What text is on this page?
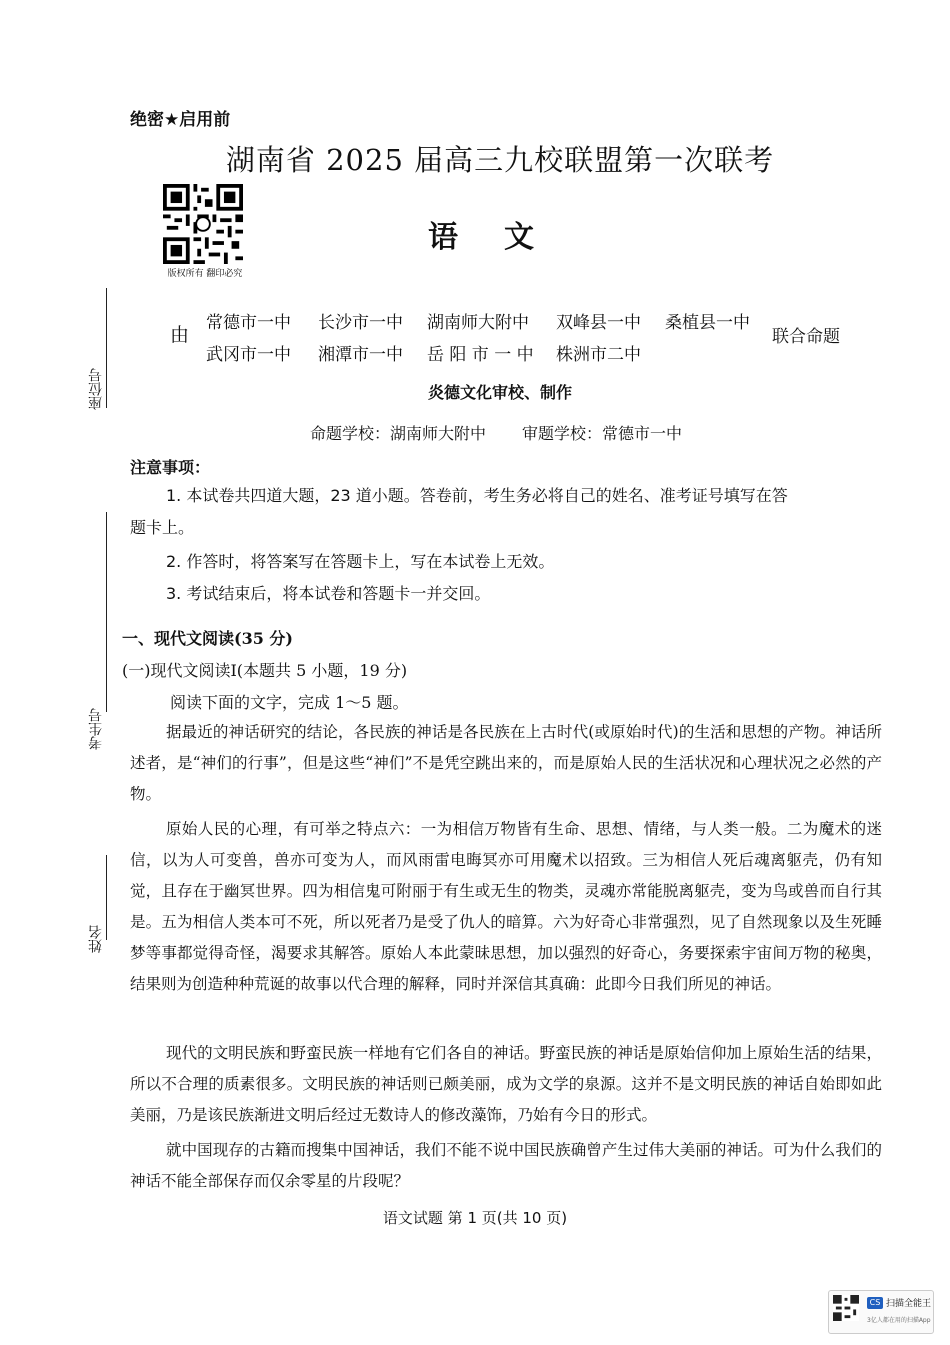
绝密★启用前
湖南省 2025 届高三九校联盟第一次联考
版权所有 翻印必究
语文
由
常德市一中 长沙市一中 湖南师大附中 双峰县一中 桑植县一中
武冈市一中 湘潭市一中 岳 阳 市 一 中 株洲市二中
联合命题
炎德文化审校、制作
命题学校：湖南师大附中 审题学校：常德市一中
座位号
考生号
姓名
注意事项：
1. 本试卷共四道大题，23 道小题。答卷前，考生务必将自己的姓名、准考证号填写在答
题卡上。
2. 作答时，将答案写在答题卡上，写在本试卷上无效。
3. 考试结束后，将本试卷和答题卡一并交回。
一、现代文阅读(35 分)
(一)现代文阅读Ⅰ(本题共 5 小题，19 分)
阅读下面的文字，完成 1～5 题。
据最近的神话研究的结论，各民族的神话是各民族在上古时代(或原始时代)的生活和思想的产物。神话所述者，是“神们的行事”，但是这些“神们”不是凭空跳出来的，而是原始人民的生活状况和心理状况之必然的产物。
原始人民的心理，有可举之特点六：一为相信万物皆有生命、思想、情绪，与人类一般。二为魔术的迷信，以为人可变兽，兽亦可变为人，而风雨雷电晦冥亦可用魔术以招致。三为相信人死后魂离躯壳，仍有知觉，且存在于幽冥世界。四为相信鬼可附丽于有生或无生的物类，灵魂亦常能脱离躯壳，变为鸟或兽而自行其是。五为相信人类本可不死，所以死者乃是受了仇人的暗算。六为好奇心非常强烈，见了自然现象以及生死睡梦等事都觉得奇怪，渴要求其解答。原始人本此蒙昧思想，加以强烈的好奇心，务要探索宇宙间万物的秘奥，结果则为创造种种荒诞的故事以代合理的解释，同时并深信其真确：此即今日我们所见的神话。
现代的文明民族和野蛮民族一样地有它们各自的神话。野蛮民族的神话是原始信仰加上原始生活的结果，所以不合理的质素很多。文明民族的神话则已颇美丽，成为文学的泉源。这并不是文明民族的神话自始即如此美丽，乃是该民族渐进文明后经过无数诗人的修改藻饰，乃始有今日的形式。
就中国现存的古籍而搜集中国神话，我们不能不说中国民族确曾产生过伟大美丽的神话。可为什么我们的神话不能全部保存而仅余零星的片段呢？
语文试题 第 1 页(共 10 页)
CS 扫描全能王
3亿人都在用的扫描App
